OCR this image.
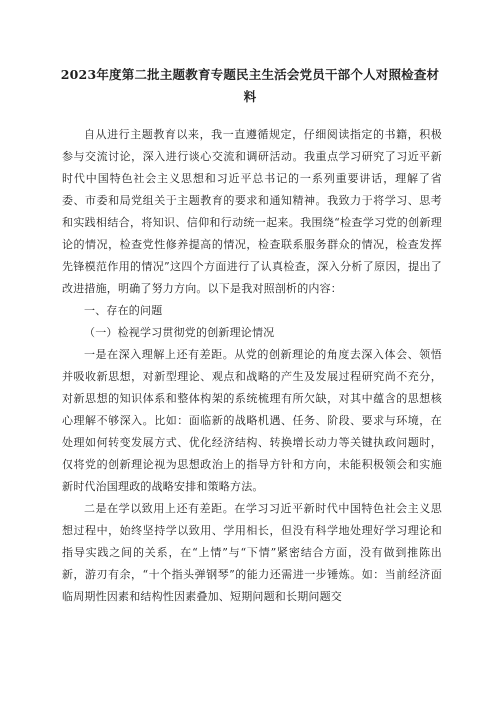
2023年度第二批主题教育专题民主生活会党员干部个人对照检查材料

自从进行主题教育以来，我一直遵循规定，仔细阅读指定的书籍，积极参与交流讨论，深入进行谈心交流和调研活动。我重点学习研究了习近平新时代中国特色社会主义思想和习近平总书记的一系列重要讲话，理解了省委、市委和局党组关于主题教育的要求和通知精神。我致力于将学习、思考和实践相结合，将知识、信仰和行动统一起来。我围绕“检查学习党的创新理论的情况，检查党性修养提高的情况，检查联系服务群众的情况，检查发挥先锋模范作用的情况”这四个方面进行了认真检查，深入分析了原因，提出了改进措施，明确了努力方向。以下是我对照剖析的内容：

一、存在的问题

（一）检视学习贯彻党的创新理论情况

一是在深入理解上还有差距。从党的创新理论的角度去深入体会、领悟并吸收新思想，对新型理论、观点和战略的产生及发展过程研究尚不充分，对新思想的知识体系和整体构架的系统梳理有所欠缺，对其中蕴含的思想核心理解不够深入。比如：面临新的战略机遇、任务、阶段、要求与环境，在处理如何转变发展方式、优化经济结构、转换增长动力等关键执政问题时，仅将党的创新理论视为思想政治上的指导方针和方向，未能积极领会和实施新时代治国理政的战略安排和策略方法。

二是在学以致用上还有差距。在学习习近平新时代中国特色社会主义思想过程中，始终坚持学以致用、学用相长，但没有科学地处理好学习理论和指导实践之间的关系，在“上情”与“下情”紧密结合方面，没有做到推陈出新，游刃有余，“十个指头弹钢琴”的能力还需进一步锤炼。如：当前经济面临周期性因素和结构性因素叠加、短期问题和长期问题交
